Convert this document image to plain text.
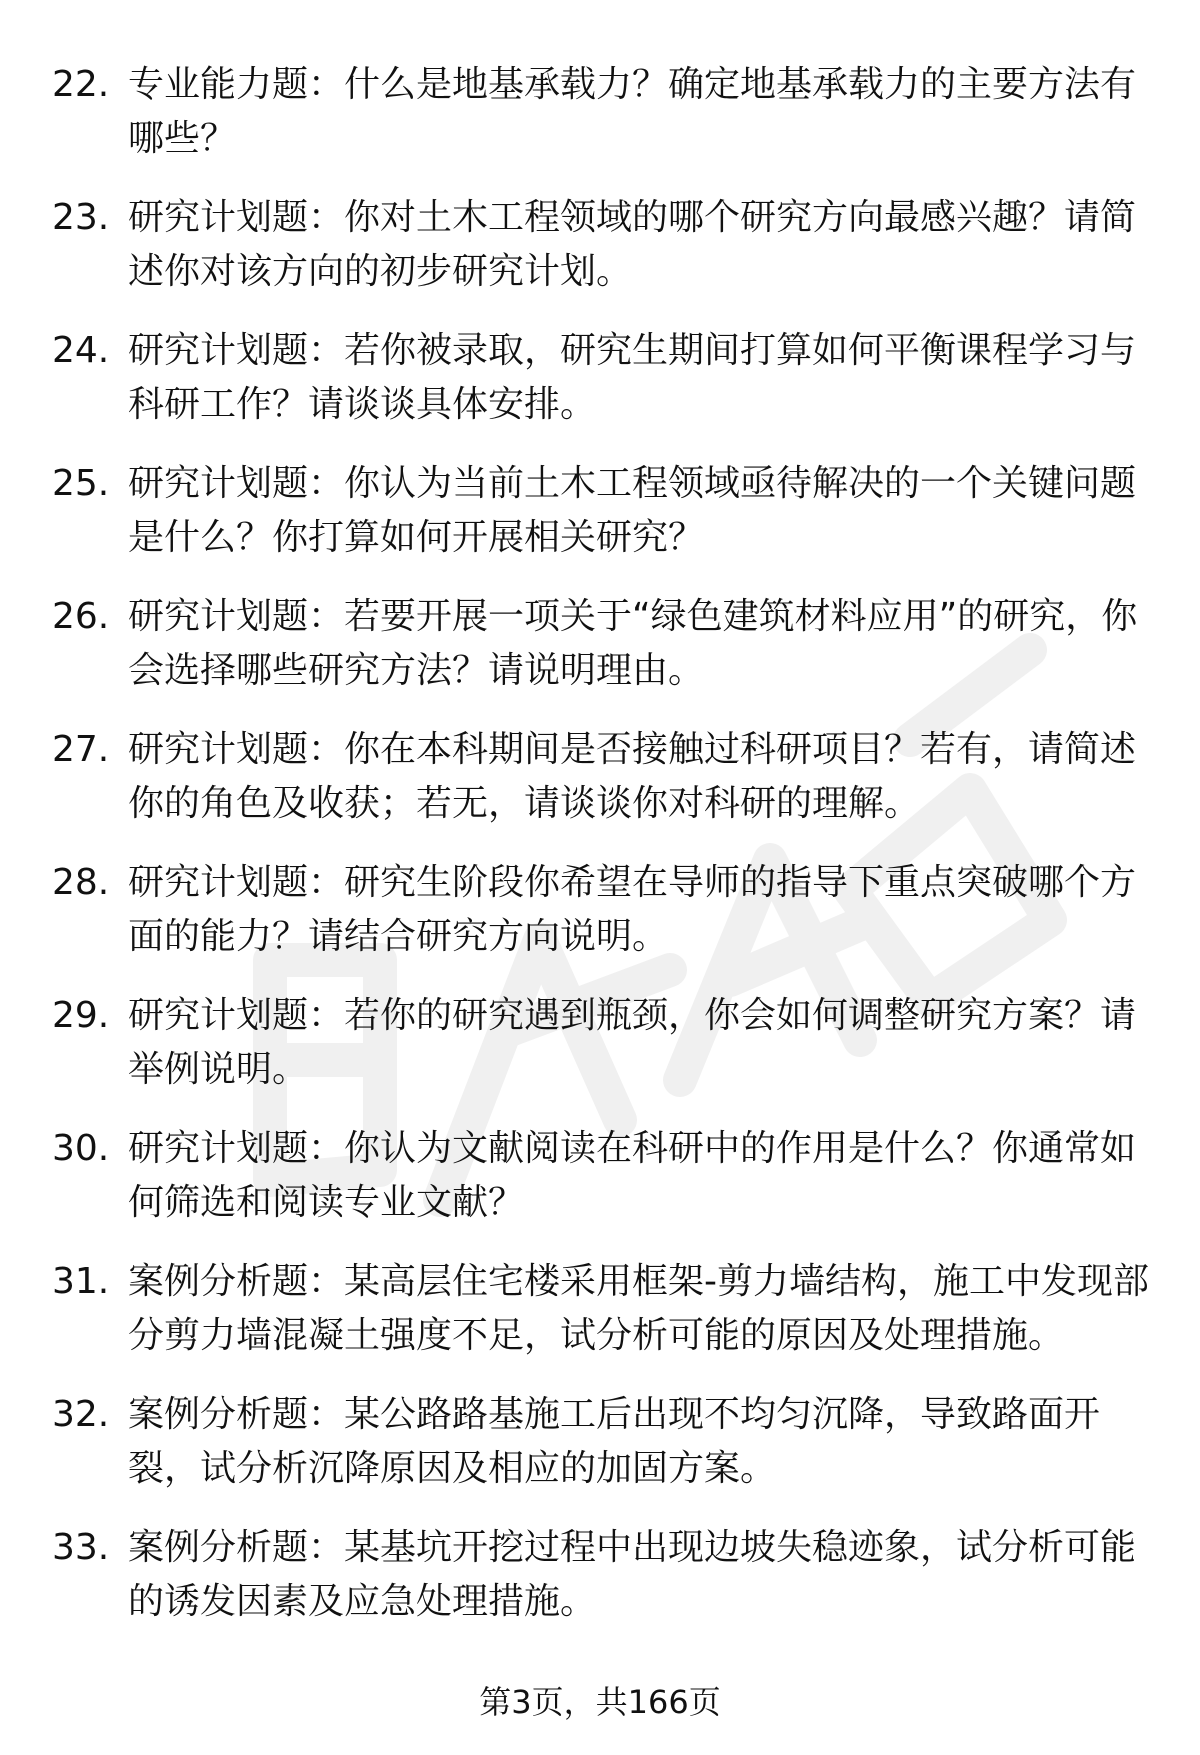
22. 专业能力题：什么是地基承载力？确定地基承载力的主要方法有哪些？
23. 研究计划题：你对土木工程领域的哪个研究方向最感兴趣？请简述你对该方向的初步研究计划。
24. 研究计划题：若你被录取，研究生期间打算如何平衡课程学习与科研工作？请谈谈具体安排。
25. 研究计划题：你认为当前土木工程领域亟待解决的一个关键问题是什么？你打算如何开展相关研究？
26. 研究计划题：若要开展一项关于“绿色建筑材料应用”的研究，你会选择哪些研究方法？请说明理由。
27. 研究计划题：你在本科期间是否接触过科研项目？若有，请简述你的角色及收获；若无，请谈谈你对科研的理解。
28. 研究计划题：研究生阶段你希望在导师的指导下重点突破哪个方面的能力？请结合研究方向说明。
29. 研究计划题：若你的研究遇到瓶颈，你会如何调整研究方案？请举例说明。
30. 研究计划题：你认为文献阅读在科研中的作用是什么？你通常如何筛选和阅读专业文献？
31. 案例分析题：某高层住宅楼采用框架-剪力墙结构，施工中发现部分剪力墙混凝土强度不足，试分析可能的原因及处理措施。
32. 案例分析题：某公路路基施工后出现不均匀沉降，导致路面开裂，试分析沉降原因及相应的加固方案。
33. 案例分析题：某基坑开挖过程中出现边坡失稳迹象，试分析可能的诱发因素及应急处理措施。
第3页，共166页
